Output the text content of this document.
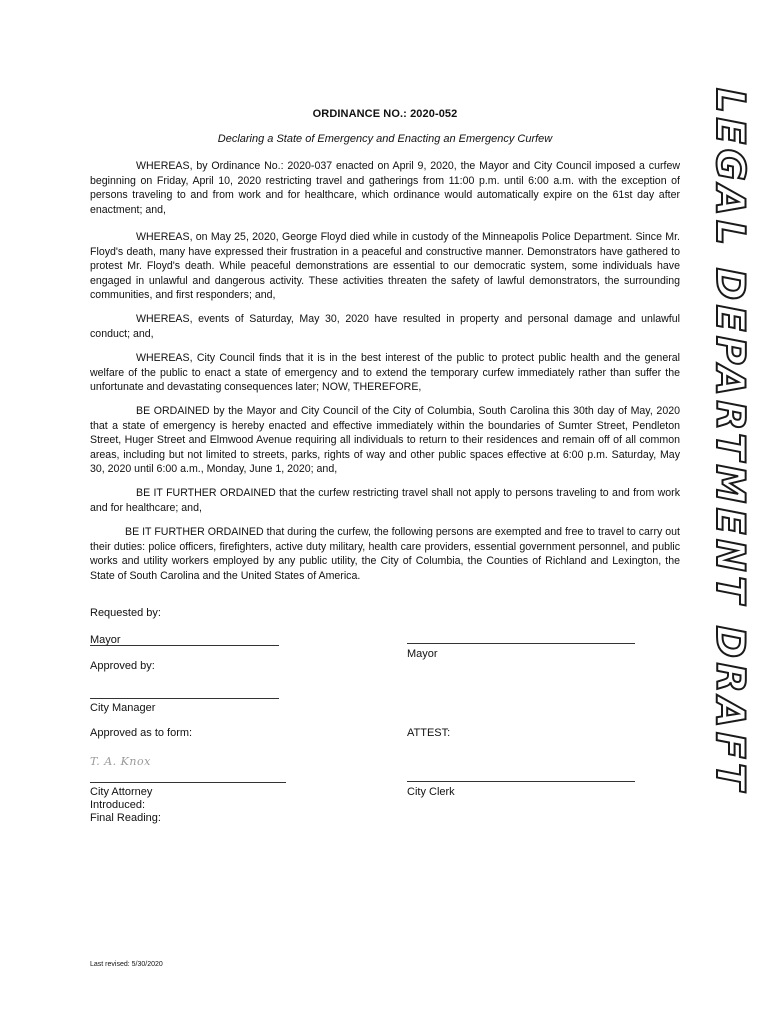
ORDINANCE NO.: 2020-052
Declaring a State of Emergency and Enacting an Emergency Curfew

WHEREAS, by Ordinance No.: 2020-037 enacted on April 9, 2020, the Mayor and City Council imposed a curfew beginning on Friday, April 10, 2020 restricting travel and gatherings from 11:00 p.m. until 6:00 a.m. with the exception of persons traveling to and from work and for healthcare, which ordinance would automatically expire on the 61st day after enactment; and,

WHEREAS, on May 25, 2020, George Floyd died while in custody of the Minneapolis Police Department. Since Mr. Floyd's death, many have expressed their frustration in a peaceful and constructive manner. Demonstrators have gathered to protest Mr. Floyd's death. While peaceful demonstrations are essential to our democratic system, some individuals have engaged in unlawful and dangerous activity. These activities threaten the safety of lawful demonstrators, the surrounding communities, and first responders; and,

WHEREAS, events of Saturday, May 30, 2020 have resulted in property and personal damage and unlawful conduct; and,

WHEREAS, City Council finds that it is in the best interest of the public to protect public health and the general welfare of the public to enact a state of emergency and to extend the temporary curfew immediately rather than suffer the unfortunate and devastating consequences later; NOW, THEREFORE,

BE ORDAINED by the Mayor and City Council of the City of Columbia, South Carolina this 30th day of May, 2020 that a state of emergency is hereby enacted and effective immediately within the boundaries of Sumter Street, Pendleton Street, Huger Street and Elmwood Avenue requiring all individuals to return to their residences and remain off of all common areas, including but not limited to streets, parks, rights of way and other public spaces effective at 6:00 p.m. Saturday, May 30, 2020 until 6:00 a.m., Monday, June 1, 2020; and,

BE IT FURTHER ORDAINED that the curfew restricting travel shall not apply to persons traveling to and from work and for healthcare; and,

BE IT FURTHER ORDAINED that during the curfew, the following persons are exempted and free to travel to carry out their duties: police officers, firefighters, active duty military, health care providers, essential government personnel, and public works and utility workers employed by any public utility, the City of Columbia, the Counties of Richland and Lexington, the State of South Carolina and the United States of America.

Requested by:
Mayor
Mayor
Approved by:
City Manager
Approved as to form:	ATTEST:
T. A. Knox
City Attorney	City Clerk
Introduced:
Final Reading:
Last revised: 5/30/2020
LEGAL DEPARTMENT DRAFT
